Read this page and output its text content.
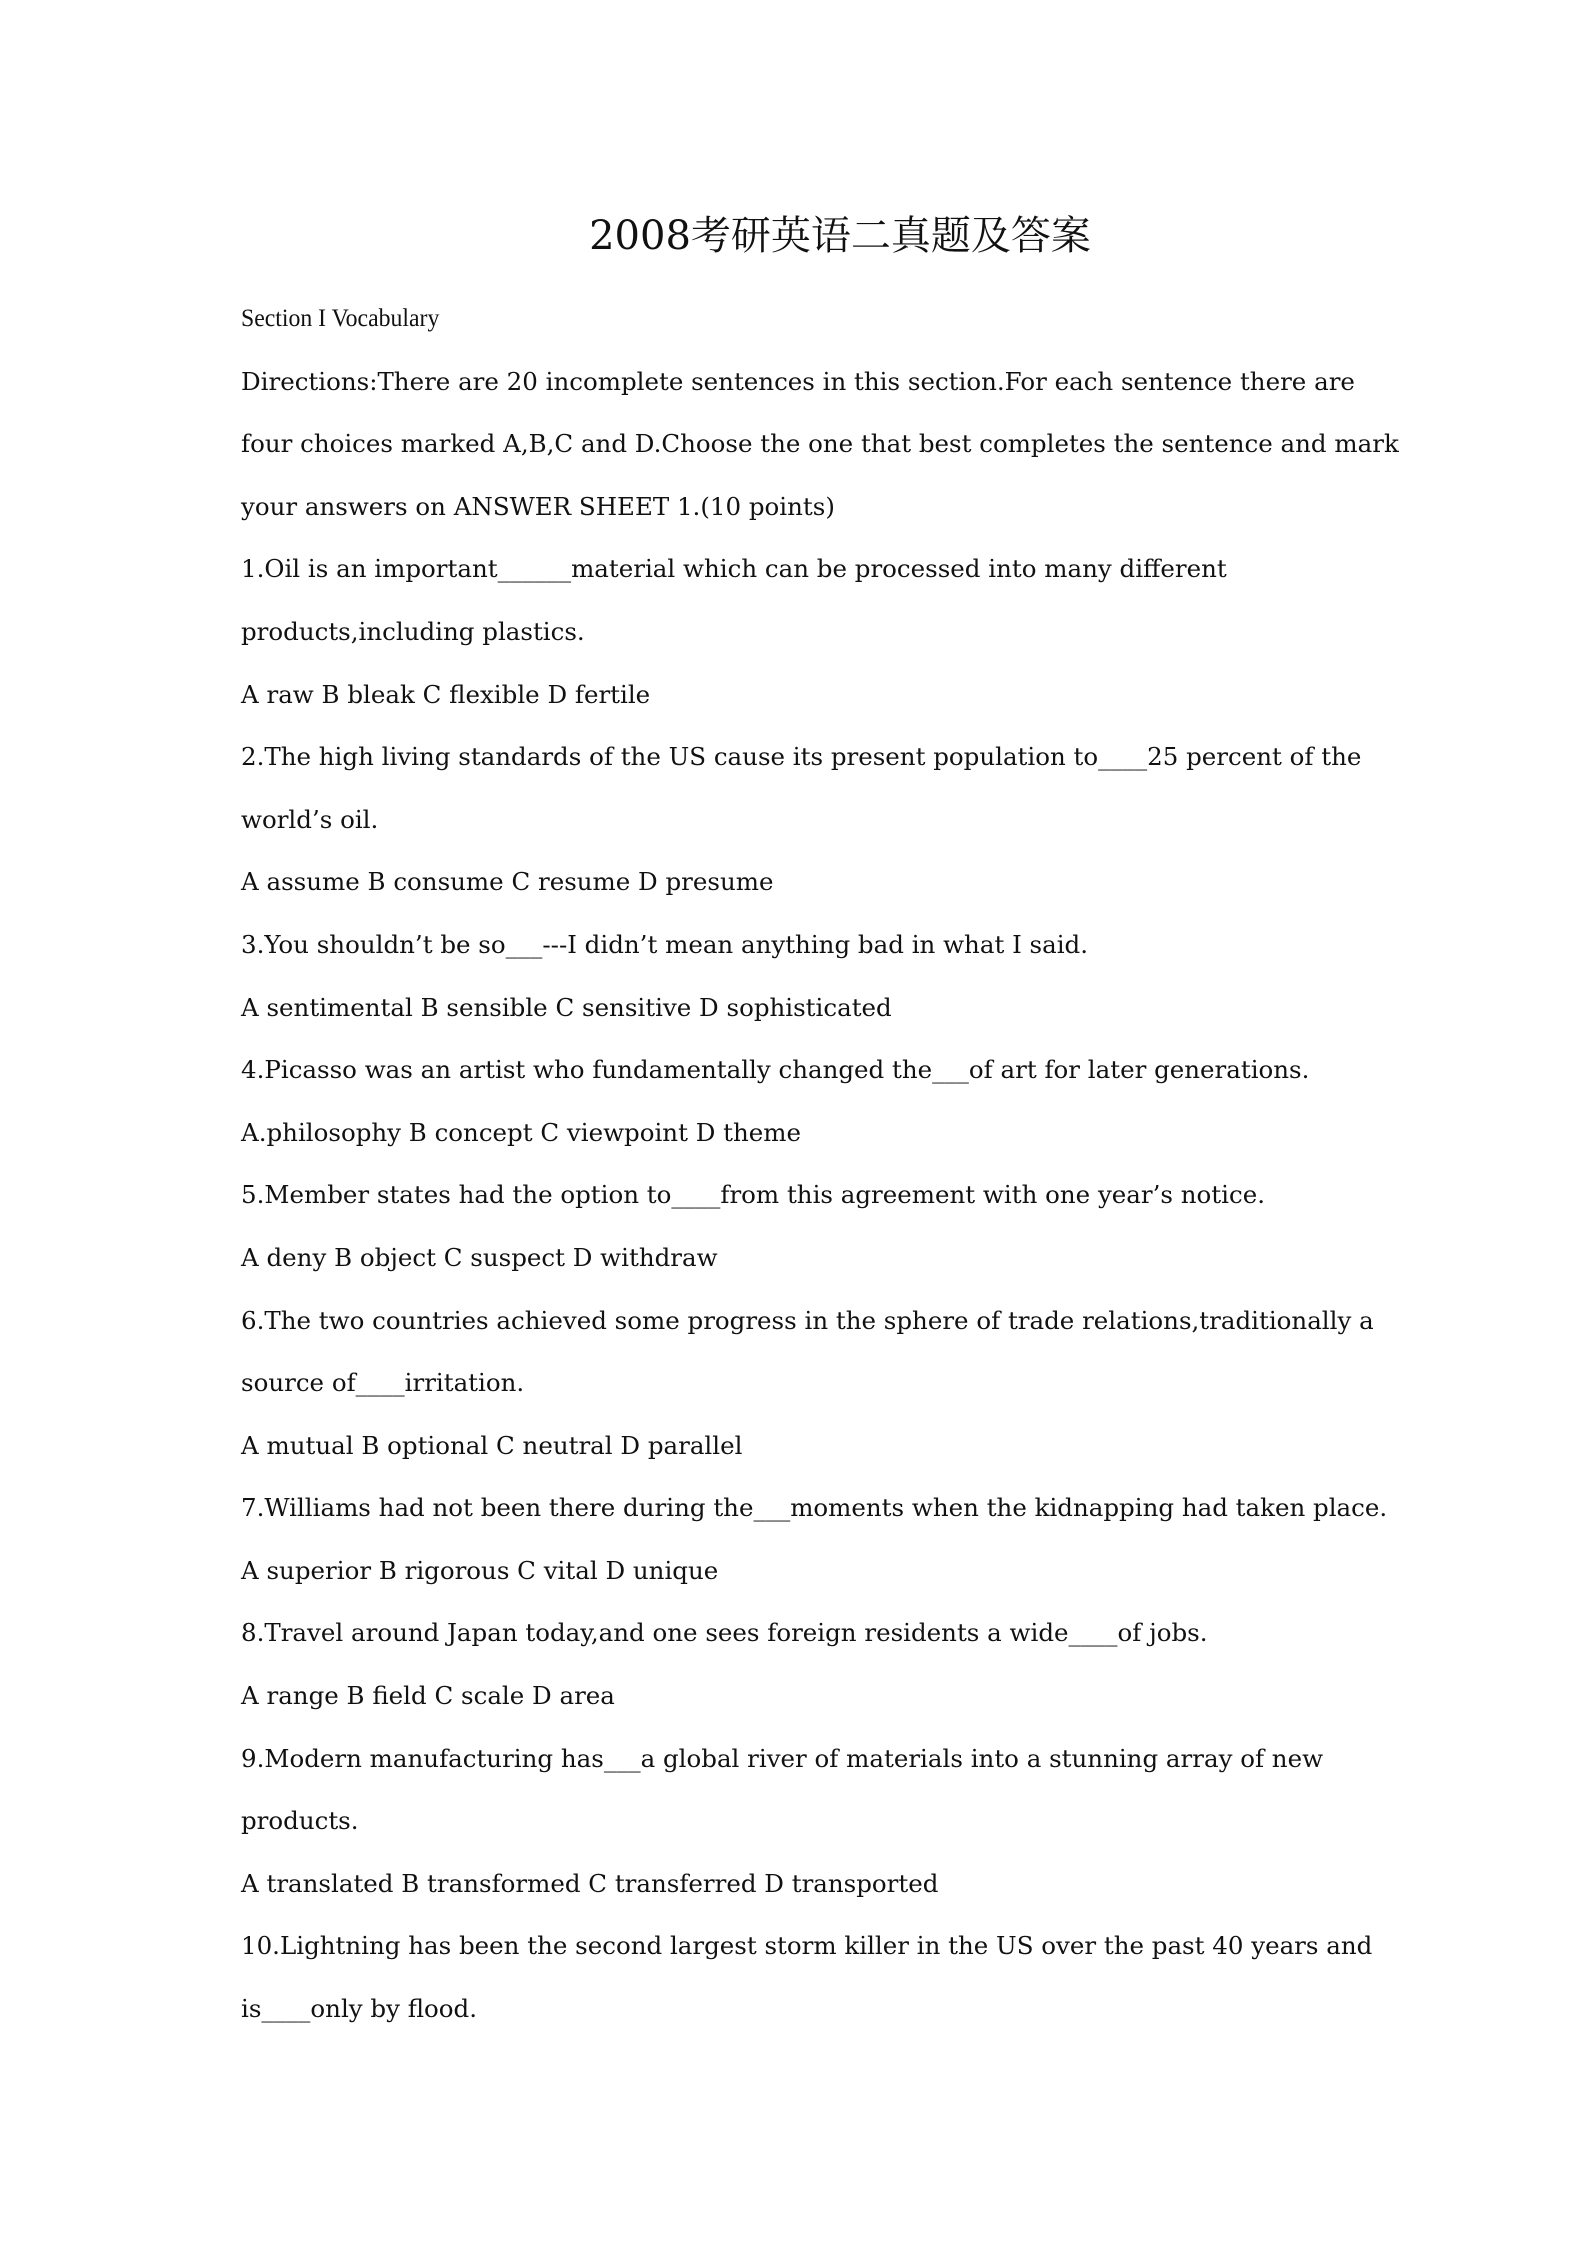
2008考研英语二真题及答案
Section I Vocabulary
Directions:There are 20 incomplete sentences in this section.For each sentence there are
four choices marked A,B,C and D.Choose the one that best completes the sentence and mark
your answers on ANSWER SHEET 1.(10 points)
1.Oil is an important______material which can be processed into many different
products,including plastics.
A raw B bleak C flexible D fertile
2.The high living standards of the US cause its present population to____25 percent of the
world’s oil.
A assume B consume C resume D presume
3.You shouldn’t be so___---I didn’t mean anything bad in what I said.
A sentimental B sensible C sensitive D sophisticated
4.Picasso was an artist who fundamentally changed the___of art for later generations.
A.philosophy B concept C viewpoint D theme
5.Member states had the option to____from this agreement with one year’s notice.
A deny B object C suspect D withdraw
6.The two countries achieved some progress in the sphere of trade relations,traditionally a
source of____irritation.
A mutual B optional C neutral D parallel
7.Williams had not been there during the___moments when the kidnapping had taken place.
A superior B rigorous C vital D unique
8.Travel around Japan today,and one sees foreign residents a wide____of jobs.
A range B field C scale D area
9.Modern manufacturing has___a global river of materials into a stunning array of new
products.
A translated B transformed C transferred D transported
10.Lightning has been the second largest storm killer in the US over the past 40 years and
is____only by flood.
